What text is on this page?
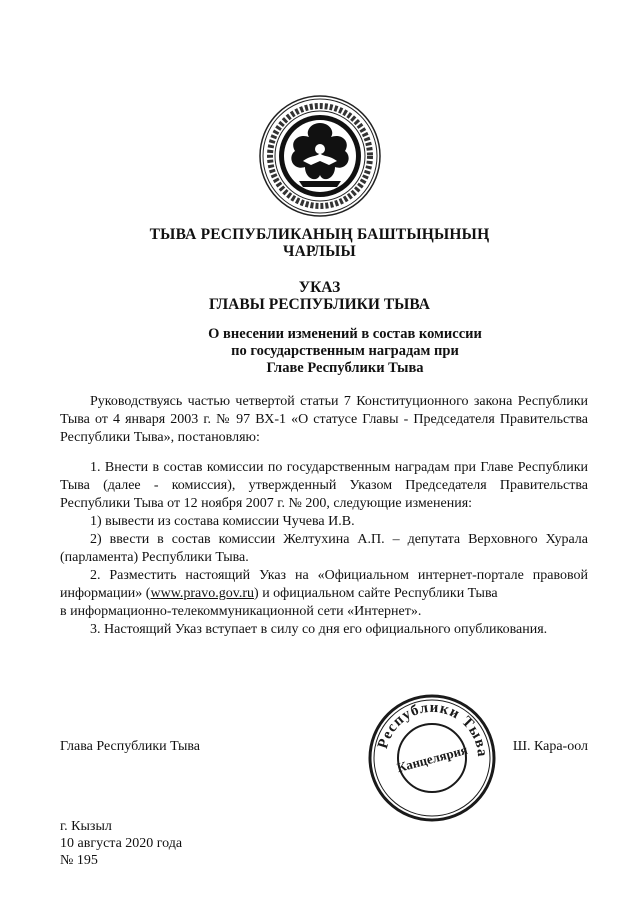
ТЫВА РЕСПУБЛИКАНЫҢ БАШТЫҢЫНЫҢ
ЧАРЛЫЫ
УКАЗ
ГЛАВЫ РЕСПУБЛИКИ ТЫВА
О внесении изменений в состав комиссии
по государственным наградам при
Главе Республики Тыва

Руководствуясь частью четвертой статьи 7 Конституционного закона Республики Тыва от 4 января 2003 г. № 97 ВХ-1 «О статусе Главы - Председателя Правительства Республики Тыва», постановляю:

1. Внести в состав комиссии по государственным наградам при Главе Республики Тыва (далее - комиссия), утвержденный Указом Председателя Правительства Республики Тыва от 12 ноября 2007 г. № 200, следующие изменения:

1) вывести из состава комиссии Чучева И.В.

2) ввести в состав комиссии Желтухина А.П. – депутата Верховного Хурала (парламента) Республики Тыва.

2. Разместить настоящий Указ на «Официальном интернет-портале правовой информации» (www.pravo.gov.ru) и официальном сайте Республики Тыва

в информационно-телекоммуникационной сети «Интернет».

3. Настоящий Указ вступает в силу со дня его официального опубликования.

Республики Тыва
Канцелярия
Глава Республики Тыва	Ш. Кара-оол
г. Кызыл
10 августа 2020 года
№ 195
